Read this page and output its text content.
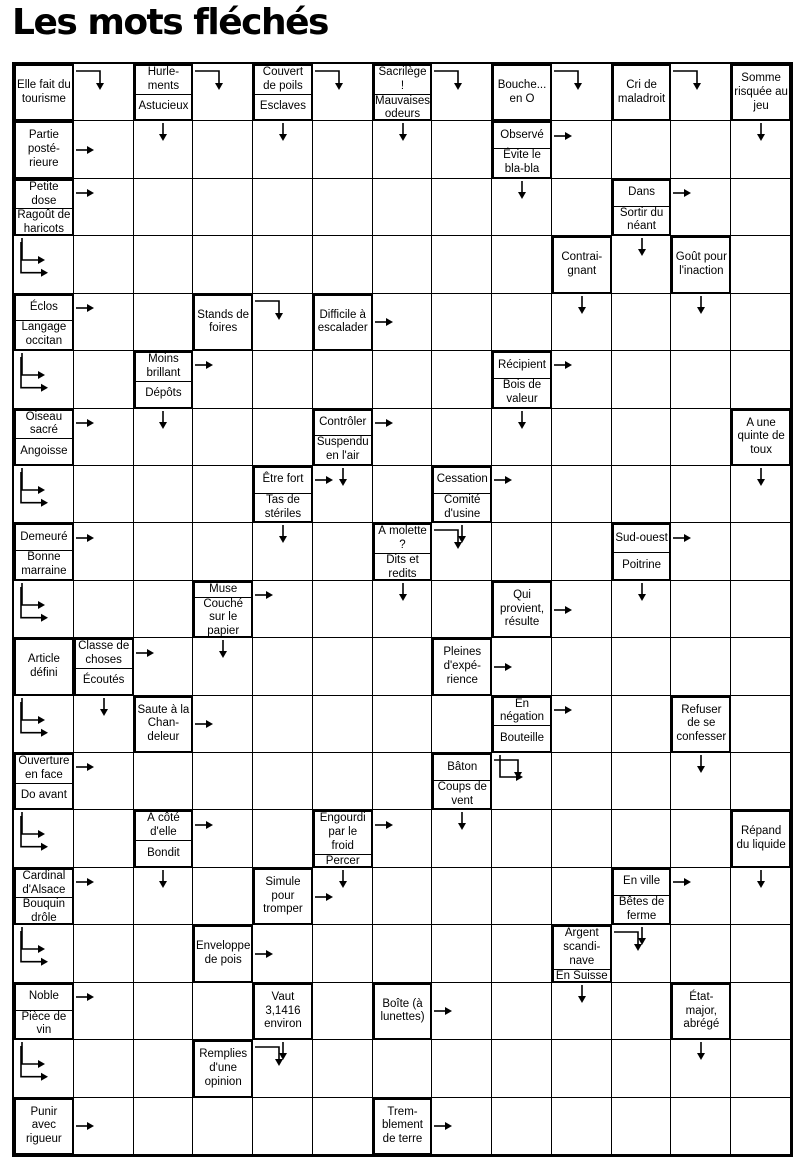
Les mots fléchés
Elle fait du tourisme
Hurle-ments
Astucieux
Couvert de poils
Esclaves
Sacrilège !
Mauvaises odeurs
Bouche... en O
Cri de maladroit
Somme risquée au jeu
Partie posté-rieure
Observé
Évite le bla-bla
Petite dose
Ragoût de haricots
Dans
Sortir du néant
Contrai-gnant
Goût pour l'inaction
Éclos
Langage occitan
Stands de foires
Difficile à escalader
Moins brillant
Dépôts
Récipient
Bois de valeur
Oiseau sacré
Angoisse
Contrôler
Suspendu en l'air
A une quinte de toux
Être fort
Tas de stériles
Cessation
Comité d'usine
Demeuré
Bonne marraine
À molette ?
Dits et redits
Sud-ouest
Poitrine
Muse
Couché sur le papier
Qui provient, résulte
Article défini
Classe de choses
Écoutés
Pleines d'expé-rience
Saute à la Chan-deleur
En négation
Bouteille
Refuser de se confesser
Ouverture en face
Do avant
Bâton
Coups de vent
À côté d'elle
Bondit
Engourdi par le froid
Percer
Répand du liquide
Cardinal d'Alsace
Bouquin drôle
Simule pour tromper
En ville
Bêtes de ferme
Enveloppe de pois
Argent scandi-nave
En Suisse
Noble
Pièce de vin
Vaut 3,1416 environ
Boîte (à lunettes)
État-major, abrégé
Remplies d'une opinion
Punir avec rigueur
Trem-blement de terre
